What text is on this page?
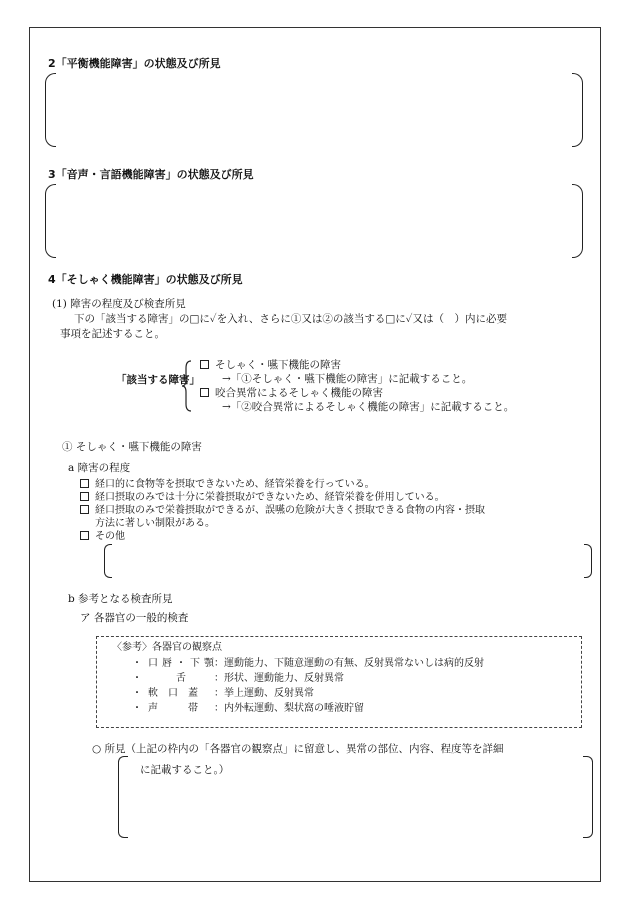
2「平衡機能障害」の状態及び所見
3「音声・言語機能障害」の状態及び所見
4「そしゃく機能障害」の状態及び所見
(1) 障害の程度及び検査所見
下の「該当する障害」の□に✓を入れ、さらに①又は②の該当する□に✓又は（　）内に必要
事項を記述すること。
「該当する障害」
そしゃく・嚥下機能の障害
→「①そしゃく・嚥下機能の障害」に記載すること。
咬合異常によるそしゃく機能の障害
→「②咬合異常によるそしゃく機能の障害」に記載すること。
① そしゃく・嚥下機能の障害
a 障害の程度
経口的に食物等を摂取できないため、経管栄養を行っている。
経口摂取のみでは十分に栄養摂取ができないため、経管栄養を併用している。
経口摂取のみで栄養摂取ができるが、誤嚥の危険が大きく摂取できる食物の内容・摂取
方法に著しい制限がある。
その他
b 参考となる検査所見
ア 各器官の一般的検査
〈参考〉各器官の観察点
・ 口唇・下顎 ：運動能力、下随意運動の有無、反射異常ないしは病的反射
・	舌	：形状、運動能力、反射異常
・ 軟　口　蓋	：挙上運動、反射異常
・ 声　　　帯	：内外転運動、梨状窩の唾液貯留
○ 所見（上記の枠内の「各器官の観察点」に留意し、異常の部位、内容、程度等を詳細
に記載すること。）
